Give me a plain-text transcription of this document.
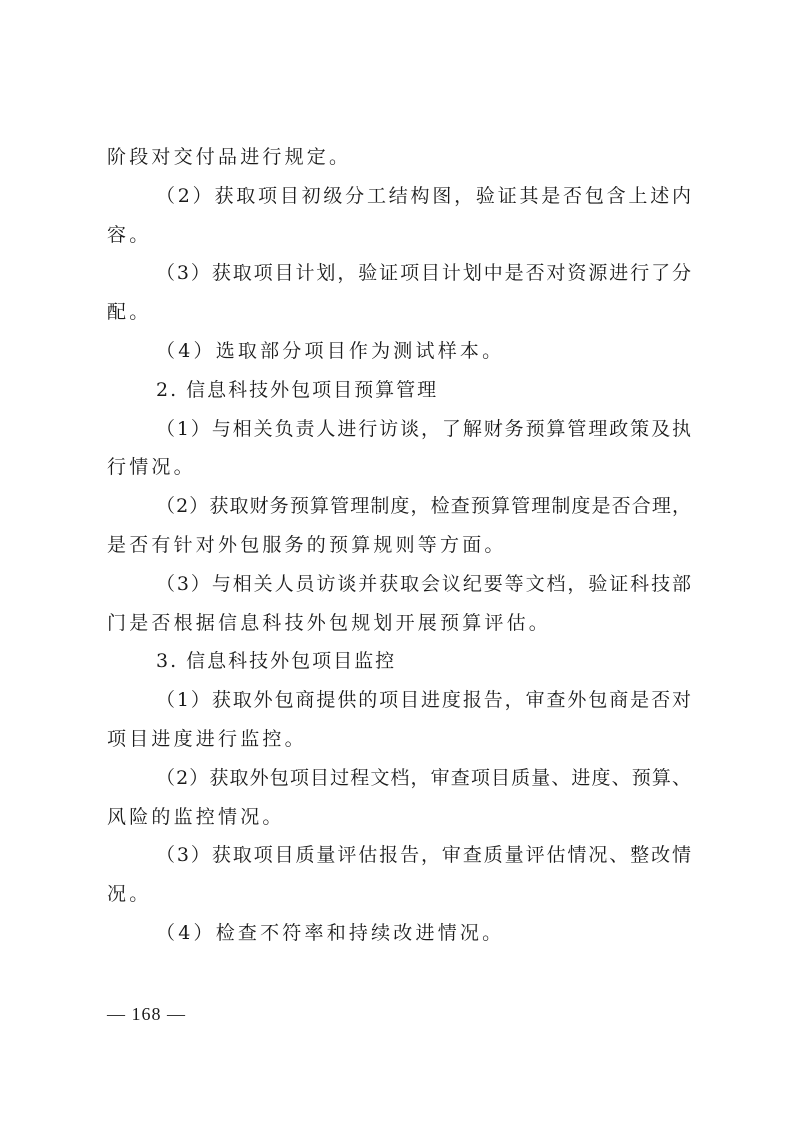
阶段对交付品进行规定。
（2）获取项目初级分工结构图，验证其是否包含上述内
容。
（3）获取项目计划，验证项目计划中是否对资源进行了分
配。
（4）选取部分项目作为测试样本。
2. 信息科技外包项目预算管理
（1）与相关负责人进行访谈，了解财务预算管理政策及执
行情况。
（2）获取财务预算管理制度，检查预算管理制度是否合理，
是否有针对外包服务的预算规则等方面。
（3）与相关人员访谈并获取会议纪要等文档，验证科技部
门是否根据信息科技外包规划开展预算评估。
3. 信息科技外包项目监控
（1）获取外包商提供的项目进度报告，审查外包商是否对
项目进度进行监控。
（2）获取外包项目过程文档，审查项目质量、进度、预算、
风险的监控情况。
（3）获取项目质量评估报告，审查质量评估情况、整改情
况。
（4）检查不符率和持续改进情况。
— 168 —
